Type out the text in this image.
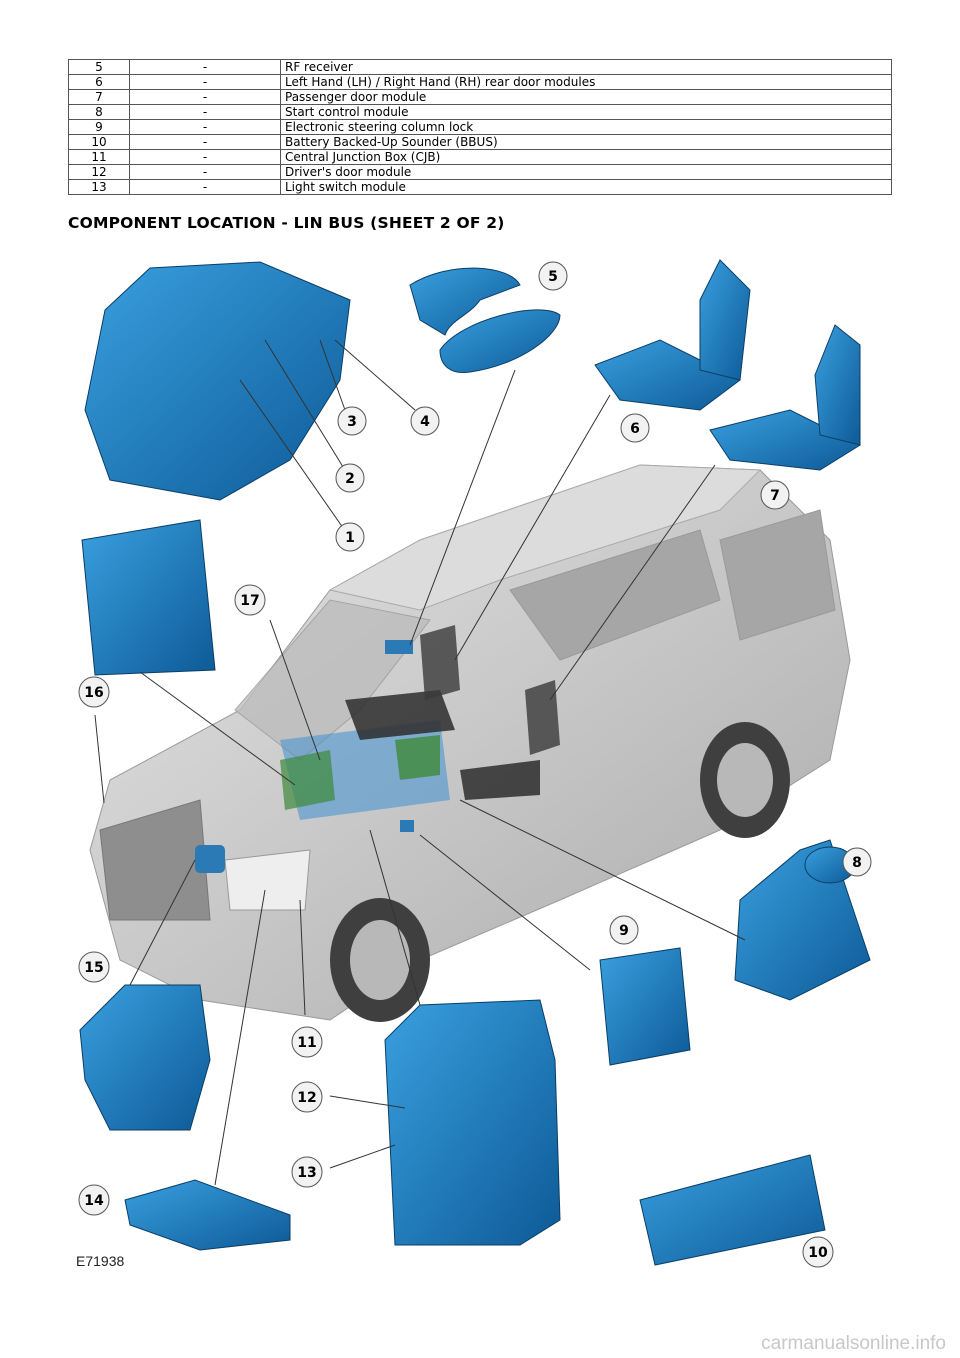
5	-	RF receiver
6	-	Left Hand (LH) / Right Hand (RH) rear door modules
7	-	Passenger door module
8	-	Start control module
9	-	Electronic steering column lock
10	-	Battery Backed-Up Sounder (BBUS)
11	-	Central Junction Box (CJB)
12	-	Driver's door module
13	-	Light switch module
COMPONENT LOCATION - LIN BUS (SHEET 2 OF 2)
1
2
3	4
5
6
7
8
9
10
11
12
13
14
15
16
17
E71938
carmanualsonline.info
